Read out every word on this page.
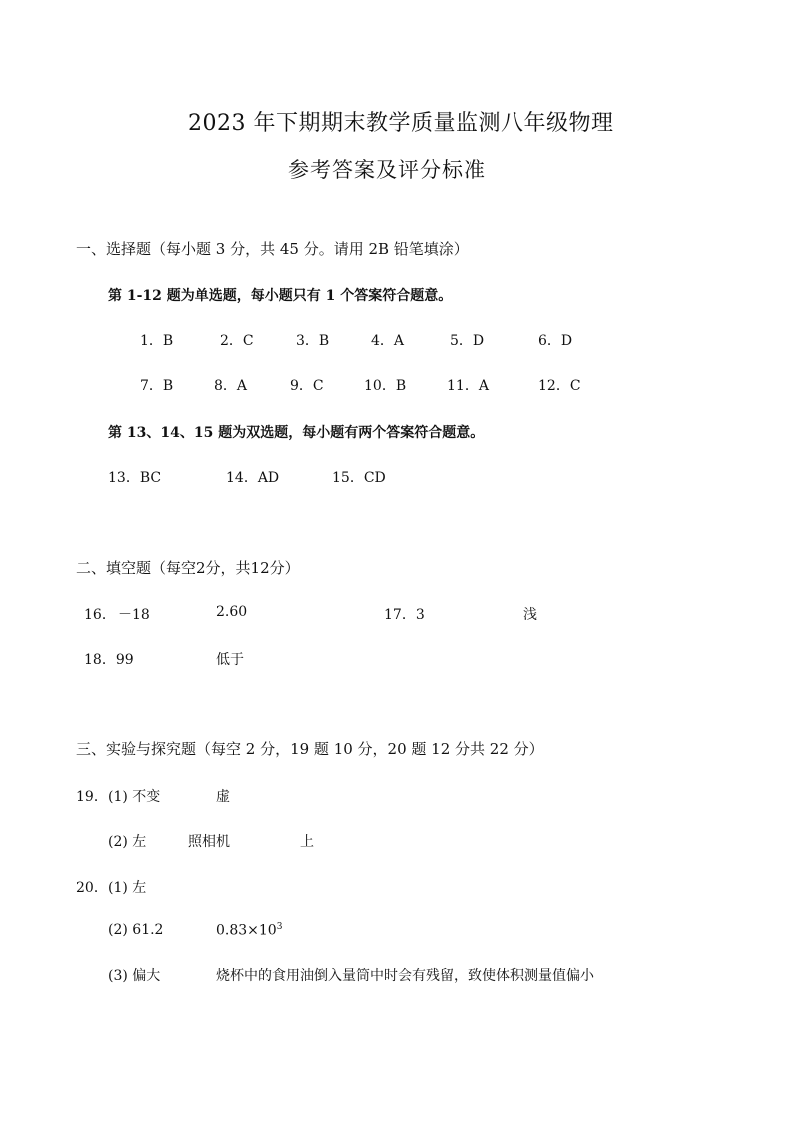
2023 年下期期末教学质量监测八年级物理
参考答案及评分标准
一、选择题（每小题 3 分，共 45 分。请用 2B 铅笔填涂）
第 1-12 题为单选题，每小题只有 1 个答案符合题意。
1．B	2．C	3．B	4．A	5．D	6．D
7．B	8．A	9．C	10．B	11．A	12．C
第 13、14、15 题为双选题，每小题有两个答案符合题意。
13．BC	14．AD	15．CD
二、填空题（每空2分，共12分）
16． －18	2.60	17．3	浅
18．99	低于
三、实验与探究题（每空 2 分，19 题 10 分，20 题 12 分共 22 分）
19． (1) 不变	虚
(2) 左	照相机	上
20． (1) 左
(2) 61.2	$0.83\times 10^3$
(3) 偏大	烧杯中的食用油倒入量筒中时会有残留，致使体积测量值偏小
